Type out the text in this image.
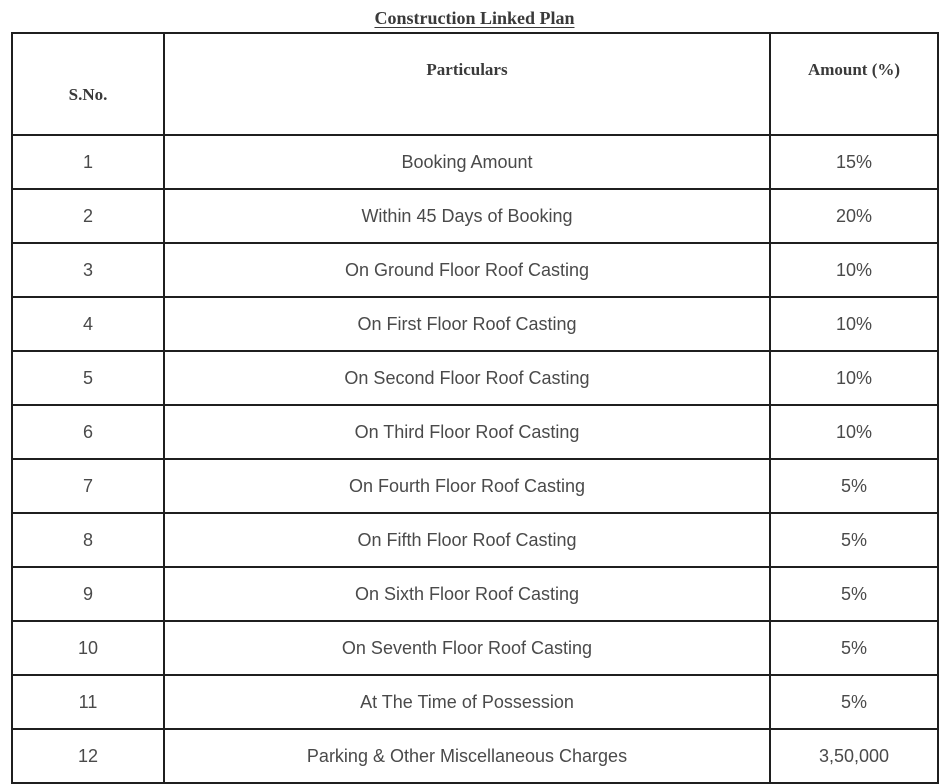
Construction Linked Plan
S.No.	Particulars	Amount (%)
1	Booking Amount	15%
2	Within 45 Days of Booking	20%
3	On Ground Floor Roof Casting	10%
4	On First Floor Roof Casting	10%
5	On Second Floor Roof Casting	10%
6	On Third Floor Roof Casting	10%
7	On Fourth Floor Roof Casting	5%
8	On Fifth Floor Roof Casting	5%
9	On Sixth Floor Roof Casting	5%
10	On Seventh Floor Roof Casting	5%
11	At The Time of Possession	5%
12	Parking & Other Miscellaneous Charges	3,50,000
